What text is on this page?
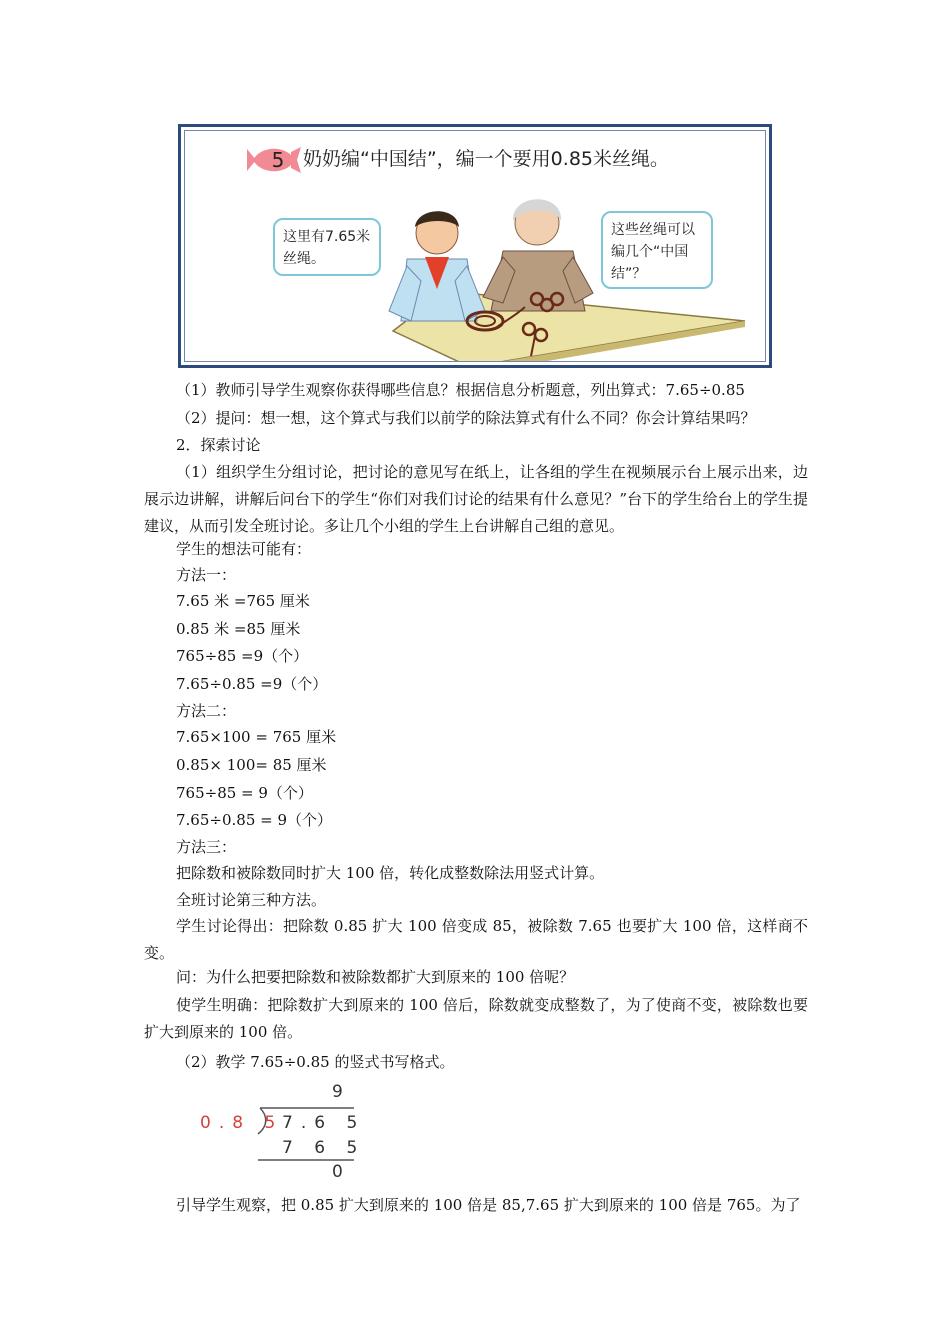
5 奶奶编“中国结”，编一个要用0.85米丝绳。
这里有7.65米丝绳。
这些丝绳可以编几个“中国结”？
（1）教师引导学生观察你获得哪些信息？根据信息分析题意，列出算式：7.65÷0.85
（2）提问：想一想，这个算式与我们以前学的除法算式有什么不同？你会计算结果吗？
2．探索讨论
（1）组织学生分组讨论，把讨论的意见写在纸上，让各组的学生在视频展示台上展示出来，边展示边讲解，讲解后问台下的学生“你们对我们讨论的结果有什么意见？”台下的学生给台上的学生提建议，从而引发全班讨论。多让几个小组的学生上台讲解自己组的意见。
学生的想法可能有：
方法一：
7.65 米 =765 厘米
0.85 米 =85 厘米
765÷85 =9（个）
7.65÷0.85 =9（个）
方法二：
7.65×100 = 765 厘米
0.85× 100= 85 厘米
765÷85 = 9（个）
7.65÷0.85 = 9（个）
方法三：
把除数和被除数同时扩大 100 倍，转化成整数除法用竖式计算。
全班讨论第三种方法。
学生讨论得出：把除数 0.85 扩大 100 倍变成 85，被除数 7.65 也要扩大 100 倍，这样商不变。
问：为什么把要把除数和被除数都扩大到原来的 100 倍呢？
使学生明确：把除数扩大到原来的 100 倍后，除数就变成整数了，为了使商不变，被除数也要扩大到原来的 100 倍。
（2）教学 7.65÷0.85 的竖式书写格式。
9
0.8 5
7.6 5
7 6 5
0
引导学生观察，把 0.85 扩大到原来的 100 倍是 85,7.65 扩大到原来的 100 倍是 765。为了
